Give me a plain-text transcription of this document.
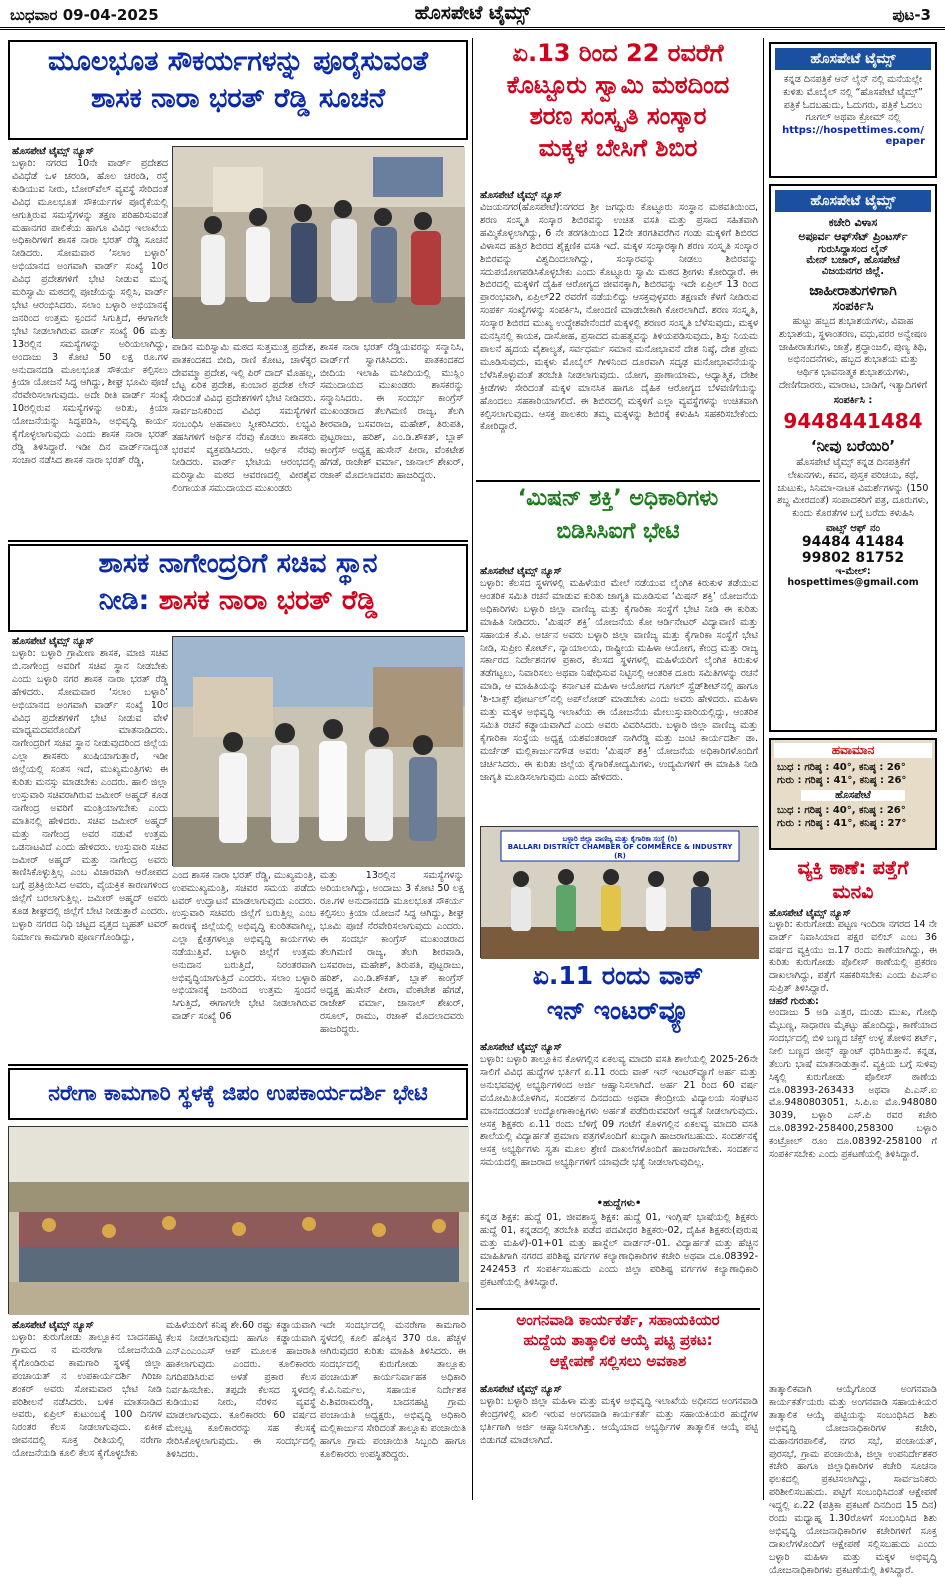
ಬುಧವಾರ 09-04-2025	ಹೊಸಪೇಟೆ ಟೈಮ್ಸ್	ಪುಟ-3
ಮೂಲಭೂತ ಸೌಕರ್ಯಗಳನ್ನು ಪೂರೈಸುವಂತೆ
ಶಾಸಕ ನಾರಾ ಭರತ್ ರೆಡ್ಡಿ ಸೂಚನೆ
ಹೊಸಪೇಟೆ ಟೈಮ್ಸ್ ನ್ಯೂಸ್
ಬಳ್ಳಾರಿ: ನಗರದ 10ನೇ ವಾರ್ಡ್ ಪ್ರದೇಶದ ವಿವಿಧೆಡೆ ಒಳ ಚರಂಡಿ, ಹೊಲ ಚರಂಡಿ, ರಸ್ತೆ ಕುಡಿಯುವ ನೀರು, ಬೋರ್‌ವೆಲ್ ವ್ಯವಸ್ಥೆ ಸೇರಿದಂತೆ ವಿವಿಧ ಮೂಲಭೂತ ಸೌಕರ್ಯಗಳ ಪೂರೈಕೆಯಲ್ಲಿ ಆಗುತ್ತಿರುವ ಸಮಸ್ಯೆಗಳನ್ನು ತಕ್ಷಣ ಪರಿಹರಿಸುವಂತೆ ಮಹಾನಗರ ಪಾಲಿಕೆಯ ಹಾಗೂ ವಿವಿಧ ಇಲಾಖೆಯ ಅಧಿಕಾರಿಗಳಿಗೆ ಶಾಸಕ ನಾರಾ ಭರತ್ ರೆಡ್ಡಿ ಸೂಚನೆ ನೀಡಿದರು. ಸೋಮವಾರ ‘ಸಲಾಂ ಬಳ್ಳಾರಿ’ ಅಭಿಯಾನದ ಅಂಗವಾಗಿ ವಾರ್ಡ್ ಸಂಖ್ಯೆ 10ರ ವಿವಿಧ ಪ್ರದೇಶಗಳಿಗೆ ಭೇಟಿ ನೀಡುವ ಮುನ್ನ ಮರಿಸ್ವಾಮಿ ಮಠದಲ್ಲಿ ಪೂಜೆಯನ್ನು ಸಲ್ಲಿಸಿ, ವಾರ್ಡ್ ಭೇಟಿ ಆರಂಭಿಸಿದರು. ಸಲಾಂ ಬಳ್ಳಾರಿ ಅಭಿಯಾನಕ್ಕೆ ಜನರಿಂದ ಉತ್ತಮ ಸ್ಪಂದನೆ ಸಿಗುತ್ತಿದೆ, ಈಗಾಗಲೇ ಭೇಟಿ ನೀಡಲಾಗಿರುವ ವಾರ್ಡ್ ಸಂಖ್ಯೆ 06 ಮತ್ತು 13ರಲ್ಲಿನ ಸಮಸ್ಯೆಗಳನ್ನು ಅರಿಯಲಾಗಿದ್ದು, ಅಂದಾಜು 3 ಕೋಟಿ 50 ಲಕ್ಷ ರೂ.ಗಳ ಅನುದಾನದಡಿ ಮೂಲಭೂತ ಸೌಕರ್ಯ ಕಲ್ಪಿಸಲು ಕ್ರಿಯಾ ಯೋಜನೆ ಸಿದ್ಧ ಆಗಿದ್ದು, ಶೀಘ್ರ ಭೂಮಿ ಪೂಜೆ ನೆರವೇರಿಸಲಾಗುವುದು. ಅದೇ ರೀತಿ ವಾರ್ಡ್ ಸಂಖ್ಯೆ 10ರಲ್ಲಿರುವ ಸಮಸ್ಯೆಗಳನ್ನು ಅರಿತು, ಕ್ರಿಯಾ ಯೋಜನೆಯನ್ನು ಸಿದ್ಧಪಡಿಸಿ, ಅಭಿವೃದ್ಧಿ ಕಾರ್ಯ ಕೈಗೊಳ್ಳಲಾಗುವುದು ಎಂದು ಶಾಸಕ ನಾರಾ ಭರತ್ ರೆಡ್ಡಿ ತಿಳಿಸಿದ್ದಾರೆ. ಇಡೀ ದಿನ ವಾರ್ಡ್‌ನಾದ್ಯಂತ ಸಂಚಾರ ನಡೆಸಿದ ಶಾಸಕ ನಾರಾ ಭರತ್ ರೆಡ್ಡಿ,
ಪಾಡಿನ ಮರಿಸ್ವಾಮಿ ಮಠದ ಸುತ್ತಮುತ್ತ ಪ್ರದೇಶ, ಪಾತಕಂದಕದ ಬೀದಿ, ರಾಣಿ ಕೋಟ, ಚಾಳೆಕ್ಕರ ದೇವಮ್ಮಾ ಪ್ರದೇಶ, ಇಲ್ಲಿ ಪಿರ್ ದಾದ್ ಮೊಹಲ್ಲ, ಬೆಟ್ಟ ಏರಿಕ ಪ್ರದೇಶ, ಕುಂಬಾರ ಪ್ರದೇಶ ಲೇನ್ ಸೇರಿದಂತೆ ವಿವಿಧ ಪ್ರದೇಶಗಳಿಗೆ ಭೇಟಿ ನೀಡಿದರು. ಸಾರ್ವಜನಿಕರಿಂದ ವಿವಿಧ ಸಮಸ್ಯೆಗಳಿಗೆ ಸಂಬಂಧಿಸಿ ಅಹವಾಲು ಸ್ವೀಕರಿಸಿದರು. ಲಭ್ಯವಿ ತಹಸಿಗಳಿಗೆ ಆರ್ಥಿಕ ನೆರವು ಕೊಡಲು ಶಾಸಕರು ಭರವಸೆ ವ್ಯಕ್ತಪಡಿಸಿದರು. ಆರ್ಥಿಕ ನೆರವು ನೀಡಿದರು. ವಾರ್ಡ್ ಭೇಟಿಯ ಆರಂಭದಲ್ಲಿ ಮರಿಸ್ವಾಮಿ ಮಠದ ಆವರಣದಲ್ಲಿ ವೀರಶೈವ ಲಿಂಗಾಯತ ಸಮುದಾಯದ ಮುಖಂಡರು
ಶಾಸಕ ನಾರಾ ಭರತ್ ರೆಡ್ಡಿಯವರನ್ನು ಸನ್ಮಾನಿಸಿ, ವಾರ್ಡ್‌ಗೆ ಸ್ವಾಗತಿಸಿದರು. ಪಾತಕಂದಕದ ಬೀದಿಯ ಇಲಾಹಿ ಮಸೀದಿಯಲ್ಲಿ ಮುಸ್ಲಿಂ ಸಮುದಾಯದ ಮುಖಂಡರು ಶಾಸಕರನ್ನು ಸನ್ಮಾನಿಸಿದರು. ಈ ಸಂದರ್ಭ ಕಾಂಗ್ರೆಸ್ ಮುಖಂಡರಾದ ತೆಲಗಿಮಣಿ ರಾಜ್ಯ, ತೆಲಗಿ ಶೀರವಾಡಿ, ಬಸವರಾಜ, ಮಹೇಶ್, ತಿರುಪತಿ, ಪುಟ್ಟರಾಜು, ಹರಿಶ್, ಎಂ.ಡಿ.ಶೌಕತ್, ಬ್ಲಾಕ್ ಕಾಂಗ್ರೆಸ್ ಅಧ್ಯಕ್ಷ ಹುಸೇನ್ ಪೀರಾ, ವೆಂಕಟೇಶ ಹೆಗಡೆ, ರಾಜೇಶ್ ವರ್ಮಾ, ಜಾನಾಲ್ ಶೇಖರ್, ರಜಾಕ್ ಮೊದಲಾದವರು ಹಾಜರಿದ್ದರು.
ಶಾಸಕ ನಾಗೇಂದ್ರರಿಗೆ ಸಚಿವ ಸ್ಥಾನ
ನೀಡಿ: ಶಾಸಕ ನಾರಾ ಭರತ್ ರೆಡ್ಡಿ
ಹೊಸಪೇಟೆ ಟೈಮ್ಸ್ ನ್ಯೂಸ್
ಬಳ್ಳಾರಿ: ಬಳ್ಳಾರಿ ಗ್ರಾಮೀಣ ಶಾಸಕ, ಮಾಜಿ ಸಚಿವ ಬಿ.ನಾಗೇಂದ್ರ ಅವರಿಗೆ ಸಚಿವ ಸ್ಥಾನ ನೀಡಬೇಕು ಎಂದು ಬಳ್ಳಾರಿ ನಗರ ಶಾಸಕ ನಾರಾ ಭರತ್ ರೆಡ್ಡಿ ಹೇಳಿದರು. ಸೋಮವಾರ ‘ಸಲಾಂ ಬಳ್ಳಾರಿ’ ಅಭಿಯಾನದ ಅಂಗವಾಗಿ ವಾರ್ಡ್ ಸಂಖ್ಯೆ 10ರ ವಿವಿಧ ಪ್ರದೇಶಗಳಿಗೆ ಭೇಟಿ ನೀಡುವ ವೇಳೆ ಮಾಧ್ಯಮದವರೊಂದಿಗೆ ಮಾತನಾಡಿದರು. ನಾಗೇಂದ್ರರಿಗೆ ಸಚಿವ ಸ್ಥಾನ ನೀಡುವುದರಿಂದ ಜಿಲ್ಲೆಯ ಎಲ್ಲಾ ಶಾಸಕರು ಖುಷಿಯಾಗುತ್ತಾರೆ, ಇಡೀ ಜಿಲ್ಲೆಯಲ್ಲಿ ಸಂತಸ ಇದೆ, ಮುಖ್ಯಮಂತ್ರಿಗಳು ಈ ಕುರಿತು ಮನಸ್ಸು ಮಾಡಬೇಕು ಎಂದರು. ಹಾಲಿ ಜಿಲ್ಲಾ ಉಸ್ತುವಾರಿ ಸಚಿವರಾಗಿರುವ ಜಮೀರ್ ಅಹ್ಮದ್ ಕೂಡ ನಾಗೇಂದ್ರ ಅವರಿಗೆ ಮಂತ್ರಿಯಾಗಬೇಕು ಎಂದು ಮಾತಿನಲ್ಲಿ ಹೇಳಿದರು. ಸಚಿವ ಜಮೀರ್ ಅಹ್ಮದ್ ಮತ್ತು ನಾಗೇಂದ್ರ ಅವರ ನಡುವೆ ಉತ್ತಮ ಒಡನಾಟವಿದೆ ಎಂದು ಹೇಳಿದರು. ಉಸ್ತುವಾರಿ ಸಚಿವ ಜಮೀರ್ ಅಹ್ಮದ್ ಮತ್ತು ನಾಗೇಂದ್ರ ಅವರು ಕಾಣಿಸಿಕೊಳ್ಳುತ್ತಿಲ್ಲ ಎಂಬ ವಿಚಾರವಾಗಿ ಆರೋಪದ ಬಗ್ಗೆ ಪ್ರತಿಕ್ರಿಯಿಸಿದ ಅವರು, ವೈಯಕ್ತಿಕ ಕಾರಣಗಳಿಂದ ಜಿಲ್ಲೆಗೆ ಬರಲಾಗುತ್ತಿಲ್ಲ. ಜಮೀರ್ ಅಹ್ಮದ್ ಅವರು ಕೂಡ ಶೀಘ್ರದಲ್ಲಿ ಜಿಲ್ಲೆಗೆ ಬೇಟಿ ನೀಡುತ್ತಾರೆ ಎಂದರು. ಬಳ್ಳಾರಿ ನಗರದ ನಿಧಿ ಚಟ್ಟದ ವೃತ್ತದ ಬೃಹತ್ ಟವರ್ ನಿರ್ಮಾಣ ಕಾಮಗಾರಿ ಪೂರ್ಣಗೊಂಡಿದ್ದು,
ಎಂದ ಶಾಸಕ ನಾರಾ ಭರತ್ ರೆಡ್ಡಿ, ಮುಖ್ಯಮಂತ್ರಿ, ಉಪಮುಖ್ಯಮಂತ್ರಿ, ಸಚಿವರ ಸಮಯ ಪಡೆದು ಟವರ್ ಉದ್ಘಾಟನೆ ಮಾಡಲಾಗುವುದು ಎಂದರು. ಉಸ್ತುವಾರಿ ಸಚಿವರು ಜಿಲ್ಲೆಗೆ ಬರುತ್ತಿಲ್ಲ ಎಂಬ ಕಾರಣಕ್ಕೆ ಜಿಲ್ಲೆಯಲ್ಲಿ ಅಭಿವೃದ್ಧಿ ಕುಂಠಿತವಾಗಿಲ್ಲ, ಎಲ್ಲಾ ಕ್ಷೇತ್ರಗಳಲ್ಲೂ ಅಭಿವೃದ್ಧಿ ಕಾರ್ಯಗಳು ನಡೆಯುತ್ತಿವೆ. ಬಳ್ಳಾರಿ ಜಿಲ್ಲೆಗೆ ಉತ್ತಮ ಅನುದಾನ ಬರುತ್ತಿದೆ, ನಿರಂತರವಾಗಿ ಅಭಿವೃದ್ಧಿಯಾಗುತ್ತಿದೆ ಎಂದರು. ಸಲಾಂ ಬಳ್ಳಾರಿ ಅಭಿಯಾನಕ್ಕೆ ಜನರಿಂದ ಉತ್ತಮ ಸ್ಪಂದನೆ ಸಿಗುತ್ತಿದೆ, ಈಗಾಗಲೇ ಭೇಟಿ ನೀಡಲಾಗಿರುವ ವಾರ್ಡ್ ಸಂಖ್ಯೆ 06
ಮತ್ತು 13ರಲ್ಲಿನ ಸಮಸ್ಯೆಗಳನ್ನು ಅರಿಯಲಾಗಿದ್ದು, ಅಂದಾಜು 3 ಕೋಟಿ 50 ಲಕ್ಷ ರೂ.ಗಳ ಅನುದಾನದಡಿ ಮೂಲಭೂತ ಸೌಕರ್ಯ ಕಲ್ಪಿಸಲು ಕ್ರಿಯಾ ಯೋಜನೆ ಸಿದ್ಧ ಆಗಿದ್ದು, ಶೀಘ್ರ ಭೂಮಿ ಪೂಜೆ ನೆರವೇರಿಸಲಾಗುವುದು ಎಂದರು. ಈ ಸಂದರ್ಭ ಕಾಂಗ್ರೆಸ್ ಮುಖಂಡರಾದ ತೆಲಗಿಮಣಿ ರಾಜ್ಯ, ತೆಲಗಿ ಶೀರವಾಡಿ, ಬಸವರಾಜ, ಮಹೇಶ್, ತಿರುಪತಿ, ಪುಟ್ಟರಾಜು, ಹರಿಶ್, ಎಂ.ಡಿ.ಶೌಕತ್, ಬ್ಲಾಕ್ ಕಾಂಗ್ರೆಸ್ ಅಧ್ಯಕ್ಷ ಹುಸೇನ್ ಪೀರಾ, ವೆಂಕಟೇಶ ಹೆಗಡೆ, ರಾಜೇಶ್ ವರ್ಮಾ, ಜಾನಾಲ್ ಶೇಖರ್, ರಸೂಲ್, ರಾಮು, ರಜಾಕ್ ಮೊದಲಾದವರು ಹಾಜರಿದ್ದರು.
ನರೇಗಾ ಕಾಮಗಾರಿ ಸ್ಥಳಕ್ಕೆ ಜಿಪಂ ಉಪಕಾರ್ಯದರ್ಶಿ ಭೇಟಿ
ಹೊಸಪೇಟೆ ಟೈಮ್ಸ್ ನ್ಯೂಸ್
ಬಳ್ಳಾರಿ: ಕುರುಗೋಡು ತಾಲ್ಲೂಕಿನ ಬಾದನಹಟ್ಟಿ ಗ್ರಾಮದ ನ ಮನರೇಗಾ ಯೋಜನೆಯಡಿ ಕೈಗೊಂಡಿರುವ ಕಾಮಗಾರಿ ಸ್ಥಳಕ್ಕೆ ಜಿಲ್ಲಾ ಪಂಚಾಯತ್ ನ ಉಪಕಾರ್ಯದರ್ಶಿ ಗಿರಿಜಾ ಶಂಕರ್ ಅವರು ಸೋಮವಾರ ಭೇಟಿ ನೀಡಿ ಪರಿಶೀಲನೆ ನಡೆಸಿದರು. ಬಳಿಕ ಮಾತನಾಡಿದ ಅವರು, ಏಪ್ರಿಲ್ ಕುಟುಂಬಕ್ಕೆ 100 ದಿನಗಳ ನಿರಂತರ ಕೆಲಸ ನೀಡಲಾಗುವುದು. ಏಕೀಕ ಜೀವನದಲ್ಲಿ ಸೂಕ್ತ ರೀತಿಯಲ್ಲಿ ನರೇಗಾ ಯೋಜನೆಯಡಿ ಕೂಲಿ ಕೆಲಸ ಕೈಗೊಳ್ಳಬೇಕು
ಮಹಿಳೆಯರಿಗೆ ಕನಿಷ್ಠ ಶೇ.60 ರಷ್ಟು ಕಡ್ಡಾಯವಾಗಿ ಕೆಲಸ ನೀಡಲಾಗುವುದು ಹಾಗೂ ಕಡ್ಡಾಯವಾಗಿ ಎನ್‌ಎಂಎಂಎಸ್ ಆಪ್ ಮೂಲಕ ಹಾಜರಾತಿ ಹಾಕಲಾಗುವುದು ಎಂದರು. ಕೂಲಿಕಾರರು ನಿಗದಿಪಡಿಸಿರುವ ಅಳತೆ ಪ್ರಕಾರ ಕೆಲಸ ನಿರ್ವಹಿಸಬೇಕು. ತಪ್ಪದೇ ಕೆಲಸದ ಸ್ಥಳದಲ್ಲಿ ಕುಡಿಯುವ ನೀರು, ನೆರಳಿನ ವ್ಯವಸ್ಥೆ ಮಾಡಲಾಗುವುದು. ಕೂಲಿಕಾರರು 60 ವರ್ಷದ ಮೇಲ್ಪಟ್ಟ ಕೂಲಿಕಾರರನ್ನು ಸಹ ಕೆಲಸಕ್ಕೆ ಸೇರಿಸಿಕೊಳ್ಳಲಾಗುವುದು. ಈ ಸಂದರ್ಭದಲ್ಲಿ ತಿಳಿಸಿದರು.
ಇದೇ ಸಂದರ್ಭದಲ್ಲಿ ಮನರೇಗಾ ಕಾಮಗಾರಿ ಸ್ಥಳದಲ್ಲಿ ಕೂಲಿ ಹೊಕ್ಕಿನ 370 ರೂ. ಹೆಚ್ಚಳ ಆಗಿರುವುದರ ಕುರಿತು ಮಾಹಿತಿ ತಿಳಿಸಿದರು. ಈ ಸಂದರ್ಭದಲ್ಲಿ ಕುರುಗೋಡು ತಾಲ್ಲೂಕು ಪಂಚಾಯತ್ ಕಾರ್ಯನಿರ್ವಾಹಕ ಅಧಿಕಾರಿ ಕೆ.ವಿ.ನಿರ್ಮಲ, ಸಹಾಯಕ ನಿರ್ದೇಶಕ ಪಿ.ಶಿವರಾಮರೆಡ್ಡಿ, ಬಾದನಹಟ್ಟಿ ಗ್ರಾಮ ಪಂಚಾಯತಿ ಅಧ್ಯಕ್ಷರು, ಅಭಿವೃದ್ಧಿ ಅಧಿಕಾರಿ ಮಲ್ಲಿಕಾರ್ಜುನ ಸೇರಿದಂತೆ ತಾಲ್ಲೂಕು ಪಂಚಾಯಿತಿ ಹಾಗೂ ಗ್ರಾಮ ಪಂಚಾಯಿತಿ ಸಿಬ್ಬಂದಿ ಹಾಗೂ ಕೂಲಿಕಾರರು ಉಪಸ್ಥಿತರಿದ್ದರು.
ಏ.13 ರಿಂದ 22 ರವರೆಗೆ
ಕೊಟ್ಟೂರು ಸ್ವಾಮಿ ಮಠದಿಂದ
ಶರಣ ಸಂಸ್ಕೃತಿ ಸಂಸ್ಕಾರ
ಮಕ್ಕಳ ಬೇಸಿಗೆ ಶಿಬಿರ
ಹೊಸಪೇಟೆ ಟೈಮ್ಸ್ ನ್ಯೂಸ್
ವಿಜಯನಗರ(ಹೊಸಪೇಟೆ):ನಗರದ ಶ್ರೀ ಜಗದ್ಗುರು ಕೊಟ್ಟೂರು ಸಂಸ್ಥಾನ ಮಠವತಿಯಿಂದ, ಶರಣ ಸಂಸ್ಕೃತಿ ಸಂಸ್ಕಾರ ಶಿಬಿರವನ್ನು ಉಚಿತ ವಸತಿ ಮತ್ತು ಪ್ರಸಾದ ಸಹಿತವಾಗಿ ಹಮ್ಮಿಕೊಳ್ಳಲಾಗಿದ್ದು, 6 ನೇ ತರಗತಿಯಿಂದ 12ನೇ ತರಗತಿವರೆಗಿನ ಗಂಡು ಮಕ್ಕಳಿಗೆ ಶಿಬಿರದ ವಿಳಾಸದ ಹತ್ತಿರ ಶಿಬಿರದ ಶೈಕ್ಷಣಿಕ ವಸತಿ ಇದೆ. ಮಕ್ಕಳ ಸಂಸ್ಕಾರಕ್ಕಾಗಿ ಶರಣ ಸಂಸ್ಕೃತಿ ಸಂಸ್ಕಾರ ಶಿಬಿರವನ್ನು ವಿಶ್ವದಿಂದಲಾಗಿದ್ದು, ಸಂಸ್ಕಾರವನ್ನು ನೀಡಲು ಶಿಬಿರವನ್ನು ಸದುಪಯೋಗಪಡಿಸಿಕೊಳ್ಳಬೇಕು ಎಂದು ಕೊಟ್ಟೂರು ಸ್ವಾಮಿ ಮಠದ ಶ್ರೀಗಳು ಕೋರಿದ್ದಾರೆ. ಈ ಶಿಬಿರದಲ್ಲಿ ಮಕ್ಕಳಿಗೆ ದೈಹಿಕ ಆರೋಗ್ಯದ ಜೀವನಕ್ಕಾಗಿ, ಶಿಬಿರವನ್ನು ಇದೇ ಏಪ್ರಿಲ್ 13 ರಿಂದ ಪ್ರಾರಂಭವಾಗಿ, ಏಪ್ರಿಲ್22 ರವರೆಗೆ ನಡೆಯಲಿದ್ದು ಆಸಕ್ತವುಳ್ಳವರು ತಕ್ಷಣವೇ ಕೆಳಗೆ ನೀಡಿರುವ ಸಂಪರ್ಕ ಸಂಖ್ಯೆಗಳನ್ನು ಸಂಪರ್ಕಿಸಿ, ನೋಂದಣಿ ಮಾಡಬೇಕಾಗಿ ಕೋರಲಾಗಿದೆ. ಶರಣ ಸಂಸ್ಕೃತಿ, ಸಂಸ್ಕಾರ ಶಿಬಿರದ ಮುಖ್ಯ ಉದ್ದೇಶವೇನೆಂದರೆ ಮಕ್ಕಳಲ್ಲಿ ಶರಣರ ಸಂಸ್ಕೃತಿ ಬೆಳೆಸುವುದು, ಮಕ್ಕಳ ಮನಸ್ಸಿನಲ್ಲಿ ಕಾಯಕ, ದಾಸೋಹ, ಪ್ರಸಾದದ ಮಹತ್ವವನ್ನು ತಿಳಿಯಪಡಿಸುವುದು, ಶಿಸ್ತು ನಿಯಮ ಪಾಲನೆ ಹೃದಯ ವೈಶಾಲ್ಯತೆ, ಸರ್ವಧರ್ಮ ಸಮಾನ ಮನೋಭಾವನೆ ದೇಶ ನಿಷ್ಠೆ, ದೇಶ ಪ್ರೇಮ ಮೂಡಿಸುವುದು, ಮಕ್ಕಳು ಮೊಬೈಲ್ ಗೀಳಿನಿಂದ ದೂರವಾಗಿ ಸದೃಢ ಮನೋಭಾವನೆಯನ್ನು ಬೆಳೆಸಿಕೊಳ್ಳುವಂತೆ ತರಬೇತಿ ನೀಡಲಾಗುವುದು. ಯೋಗ, ಪ್ರಾಣಾಯಾಮ, ಆಧ್ಯಾತ್ಮಿಕ, ದೇಶೀ ಕ್ರೀಡೆಗಳು ಸೇರಿದಂತೆ ಮಕ್ಕಳ ಮಾನಸಿಕ ಹಾಗೂ ದೈಹಿಕ ಆರೋಗ್ಯದ ಬೆಳವಣಿಗೆಯನ್ನು ಹೊಂದಲು ಸಹಕಾರಿಯಾಗಲಿದೆ. ಈ ಶಿಬಿರದಲ್ಲಿ ಮಕ್ಕಳಿಗೆ ಎಲ್ಲಾ ವ್ಯವಸ್ಥೆಗಳನ್ನು ಉಚಿತವಾಗಿ ಕಲ್ಪಿಸಲಾಗುವುದು. ಆಸಕ್ತ ಪಾಲಕರು ತಮ್ಮ ಮಕ್ಕಳನ್ನು ಶಿಬಿರಕ್ಕೆ ಕಳುಹಿಸಿ ಸಹಕರಿಸಬೇಕೆಂದು ಕೋರಿದ್ದಾರೆ.
‘ಮಿಷನ್ ಶಕ್ತಿ’ ಅಧಿಕಾರಿಗಳು
ಬಿಡಿಸಿಸಿಐಗೆ ಭೇಟಿ
ಹೊಸಪೇಟೆ ಟೈಮ್ಸ್ ನ್ಯೂಸ್
ಬಳ್ಳಾರಿ: ಕೆಲಸದ ಸ್ಥಳಗಳಲ್ಲಿ ಮಹಿಳೆಯರ ಮೇಲೆ ನಡೆಯುವ ಲೈಂಗಿಕ ಕಿರುಕುಳ ತಡೆಯುವ ಆಂತರಿಕ ಸಮಿತಿ ರಚನೆ ಮಾಡುವ ಕುರಿತು ಜಾಗೃತಿ ಮೂಡಿಸುವ ‘ಮಿಷನ್ ಶಕ್ತಿ’ ಯೋಜನೆಯ ಅಧಿಕಾರಿಗಳು ಬಳ್ಳಾರಿ ಜಿಲ್ಲಾ ವಾಣಿಜ್ಯ ಮತ್ತು ಕೈಗಾರಿಕಾ ಸಂಸ್ಥೆಗೆ ಭೇಟಿ ನೀಡಿ ಈ ಕುರಿತು ಮಾಹಿತಿ ನೀಡಿದರು. ‘ಮಿಷನ್ ಶಕ್ತಿ’ ಯೋಜನೆಯ ಕೋ ಆರ್ಡಿನೇಟರ್ ವಿದ್ಯಾವಾಣಿ ಮತ್ತು ಸಹಾಯಕ ಕೆ.ವಿ. ಅರ್ಚನ ಅವರು ಬಳ್ಳಾರಿ ಜಿಲ್ಲಾ ವಾಣಿಜ್ಯ ಮತ್ತು ಕೈಗಾರಿಕಾ ಸಂಸ್ಥೆಗೆ ಭೇಟಿ ನೀಡಿ, ಸುಪ್ರೀಂ ಕೋರ್ಟ್, ನ್ಯಾಯಾಲಯ, ರಾಷ್ಟ್ರೀಯ ಮಹಿಳಾ ಆಯೋಗ, ಕೇಂದ್ರ ಮತ್ತು ರಾಜ್ಯ ಸರ್ಕಾರದ ನಿರ್ದೇಶನಗಳ ಪ್ರಕಾರ, ಕೆಲಸದ ಸ್ಥಳಗಳಲ್ಲಿ ಮಹಿಳೆಯರಿಗೆ ಲೈಂಗಿಕ ಕಿರುಕುಳ ತಡೆಗಟ್ಟಲು, ನಿವಾರಿಸಲು ಅಥವಾ ನಿಷೇಧಿಸುವ ನಿಟ್ಟಿನಲ್ಲಿ ಆಂತರಿಕ ದೂರು ಸಮಿತಿಗಳನ್ನು ರಚನೆ ಮಾಡಿ, ಆ ಮಾಹಿತಿಯನ್ನು ಕರ್ನಾಟಕ ಮಹಿಳಾ ಆಯೋಗದ ಗೂಗಲ್ ಸ್ಪ್ರೆಡ್‌ಶೀಟ್‌ನಲ್ಲಿ ಹಾಗೂ ‘ಶಿ-ಬಾಕ್ಸ್ ಪೋರ್ಟಲ್’ನಲ್ಲಿ ಅಪ್‌ಲೋಡ್ ಮಾಡಬೇಕು ಎಂದು ಅವರು ಹೇಳಿದರು. ಮಹಿಳಾ ಮತ್ತು ಮಕ್ಕಳ ಅಭಿವೃದ್ಧಿ ಇಲಾಖೆಯ ಈ ಯೋಜನೆಯ ಮೇಲುಸ್ತುವಾರಿಯಲ್ಲಿದ್ದು, ಆಂತರಿಕ ಸಮಿತಿ ರಚನೆ ಕಡ್ಡಾಯವಾಗಿದೆ ಎಂದು ಅವರು ವಿವರಿಸಿದರು. ಬಳ್ಳಾರಿ ಜಿಲ್ಲಾ ವಾಣಿಜ್ಯ ಮತ್ತು ಕೈಗಾರಿಕಾ ಸಂಸ್ಥೆಯ ಅಧ್ಯಕ್ಷ ಯಶವಂತರಾಜ್ ನಾಗಿರೆಡ್ಡಿ ಮತ್ತು ಜಂಟಿ ಕಾರ್ಯದರ್ಶಿ ಡಾ. ಮರ್ಚೆಡ್ ಮಲ್ಲಿಕಾರ್ಜುನಗೌಡ ಅವರು ‘ಮಿಷನ್ ಶಕ್ತಿ’ ಯೋಜನೆಯ ಅಧಿಕಾರಿಗಳೊಂದಿಗೆ ಚರ್ಚಿಸಿದರು. ಈ ಕುರಿತು ಜಿಲ್ಲೆಯ ಕೈಗಾರಿಕೋದ್ಯಮಿಗಳು, ಉದ್ಯಮಿಗಳಿಗೆ ಈ ಮಾಹಿತಿ ನೀಡಿ ಜಾಗೃತಿ ಮೂಡಿಸಲಾಗುವುದು ಎಂದು ಹೇಳಿದರು.
ಬಳ್ಳಾರಿ ಜಿಲ್ಲಾ ವಾಣಿಜ್ಯ ಮತ್ತು ಕೈಗಾರಿಕಾ ಸಂಸ್ಥೆ (ರಿ)
BALLARI DISTRICT CHAMBER OF COMMERCE & INDUSTRY (R)
ಏ.11 ರಂದು ವಾಕ್
ಇನ್ ಇಂಟರ್‌ವ್ಯೂ
ಹೊಸಪೇಟೆ ಟೈಮ್ಸ್ ನ್ಯೂಸ್
ಬಳ್ಳಾರಿ: ಬಳ್ಳಾರಿ ತಾಲ್ಲೂಕಿನ ಕೊಳಗಲ್ಲಿನ ಏಕಲವ್ಯ ಮಾದರಿ ವಸತಿ ಶಾಲೆಯಲ್ಲಿ 2025-26ನೇ ಸಾಲಿಗೆ ವಿವಿಧ ಹುದ್ದೆಗಳ ಭರ್ತಿಗೆ ಏ.11 ರಂದು ವಾಕ್ ಇನ್ ಇಂಟರ್‌ವ್ಯೂಗೆ ಅರ್ಹ ಮತ್ತು ಅನುಭವವುಳ್ಳ ಅಭ್ಯರ್ಥಿಗಳಿಂದ ಅರ್ಜಿ ಆಹ್ವಾನಿಸಲಾಗಿದೆ. ಅರ್ಹ 21 ರಿಂದ 60 ವರ್ಷ ವಯೋಮಿತಿಯೊಳಗಿನ, ಸಂದರ್ಶನ ದಿನದಂದು ಅಥವಾ ಕೇಂದ್ರೀಯ ವಿದ್ಯಾಲಯ ಸಂಘಟನ ಮಾನದಂಡದಂತೆ ಉದ್ಯೋಗಾಕಾಂಕ್ಷಿಗಳು ಅರ್ಹತೆ ಪಡೆದಿರುವವರಿಗೆ ಆದ್ಯತೆ ನೀಡಲಾಗುವುದು. ಆಸಕ್ತ ಶಿಕ್ಷಕರು ಏ.11 ರಂದು ಬೆಳಿಗ್ಗೆ 09 ಗಂಟೆಗೆ ಕೊಳಗಲ್ಲಿನ ಏಕಲವ್ಯ ಮಾದರಿ ವಸತಿ ಶಾಲೆಯಲ್ಲಿ ವಿದ್ಯಾರ್ಹತೆ ಪ್ರಮಾಣ ಪತ್ರಗಳೊಂದಿಗೆ ಖುದ್ದಾಗಿ ಹಾಜರಾಗಬಹುದು. ಸಂದರ್ಶನಕ್ಕೆ ಆಸಕ್ತ ಅಭ್ಯರ್ಥಿಗಳು ಸ್ವತಃ ಮೂಲ ಶ್ರೇಣಿ ದಾಖಲೆಗಳೊಂದಿಗೆ ಹಾಜರಾಗಬೇಕು. ಸಂದರ್ಶನ ಸಮಯದಲ್ಲಿ ಹಾಜರಾದ ಅಭ್ಯರ್ಥಿಗಳಿಗೆ ಯಾವುದೇ ಭತ್ಯೆ ನೀಡಲಾಗುವುದಿಲ್ಲ.
•ಹುದ್ದೆಗಳು•
ಕನ್ನಡ ಶಿಕ್ಷಕ: ಹುದ್ದೆ 01, ಜೀವಶಾಸ್ತ್ರ ಶಿಕ್ಷಕ: ಹುದ್ದೆ 01, ಇಂಗ್ಲಿಷ್ ಭಾಷೆಯಲ್ಲಿ ಶಿಕ್ಷಕರು ಹುದ್ದೆ 01, ಕನ್ನಡದಲ್ಲಿ ತರಬೇತಿ ಪಡೆದ ಪದವೀಧರ ಶಿಕ್ಷಕರು-02, ದೈಹಿಕ ಶಿಕ್ಷಕರು(ಪುರುಷ ಮತ್ತು ಮಹಿಳೆ)-01+01 ಮತ್ತು ಹಾಸ್ಟೆಲ್ ವಾರ್ಡನ್-01. ವಿದ್ಯಾರ್ಹತೆ ಮತ್ತು ಹೆಚ್ಚಿನ ಮಾಹಿತಿಗಾಗಿ ನಗರದ ಪರಿಶಿಷ್ಟ ವರ್ಗಗಳ ಕಲ್ಯಾಣಾಧಿಕಾರಿಗಳ ಕಚೇರಿ ಅಥವಾ ದೂ.08392-242453 ಗೆ ಸಂಪರ್ಕಿಸಬಹುದು ಎಂದು ಜಿಲ್ಲಾ ಪರಿಶಿಷ್ಟ ವರ್ಗಗಳ ಕಲ್ಯಾಣಾಧಿಕಾರಿ ಪ್ರಕಟಣೆಯಲ್ಲಿ ತಿಳಿಸಿದ್ದಾರೆ.
ಅಂಗನವಾಡಿ ಕಾರ್ಯಕರ್ತೆ, ಸಹಾಯಕಿಯರ
ಹುದ್ದೆಯ ತಾತ್ಕಾಲಿಕ ಆಯ್ಕೆ ಪಟ್ಟಿ ಪ್ರಕಟ:
ಆಕ್ಷೇಪಣೆ ಸಲ್ಲಿಸಲು ಅವಕಾಶ
ಹೊಸಪೇಟೆ ಟೈಮ್ಸ್ ನ್ಯೂಸ್
ಬಳ್ಳಾರಿ: ಬಳ್ಳಾರಿ ಜಿಲ್ಲಾ ಮಹಿಳಾ ಮತ್ತು ಮಕ್ಕಳ ಅಭಿವೃದ್ಧಿ ಇಲಾಖೆಯ ಅಧೀನದ ಅಂಗನವಾಡಿ ಕೇಂದ್ರಗಳಲ್ಲಿ ಖಾಲಿ ಇರುವ ಅಂಗನವಾಡಿ ಕಾರ್ಯಕರ್ತೆ ಮತ್ತು ಸಹಾಯಕಿಯರ ಹುದ್ದೆಗಳ ಭರ್ತಿಗಾಗಿ ಅರ್ಜಿ ಆಹ್ವಾನಿಸಲಾಗಿತ್ತು. ಆಯ್ಕೆಯಾದ ಅಭ್ಯರ್ಥಿಗಳ ತಾತ್ಕಾಲಿಕ ಆಯ್ಕೆ ಪಟ್ಟಿ ಬಿಡುಗಡೆ ಮಾಡಲಾಗಿದೆ.
ಹೊಸಪೇಟೆ ಟೈಮ್ಸ್
ಕನ್ನಡ ದಿನಪತ್ರಿಕೆ ಆನ್ ಲೈನ್ ನಲ್ಲಿ ಮನೆಯಲ್ಲೇ ಕುಳಿತು ಮೊಬೈಲ್ ನಲ್ಲಿ “ಹೊಸಪೇಟೆ ಟೈಮ್ಸ್” ಪತ್ರಿಕೆ ಓದಬಹುದು, ಓದುಗರು, ಪತ್ರಿಕೆ ಓದಲು ಗೂಗಲ್ ಅಥವಾ ಕ್ರೋಮ್ ನಲ್ಲಿ
https://hospettimes.com/
epaper
ಹೊಸಪೇಟೆ ಟೈಮ್ಸ್
ಕಚೇರಿ ವಿಳಾಸ
ಅಪೂರ್ವ ಆಫ್‌ಸೆಟ್ ಪ್ರಿಂಟರ್ಸ್
ಗುರುಸಿದ್ದಾಸಂದ ಲೈನ್
ಮೇನ್ ಬಜಾರ್, ಹೊಸಪೇಟೆ
ವಿಜಯನಗರ ಜಿಲ್ಲೆ.
ಜಾಹೀರಾತುಗಳಿಗಾಗಿ
ಸಂಪರ್ಕಿಸಿ
ಹುಟ್ಟು ಹಬ್ಬದ ಶುಭಾಶಯಗಳು, ವಿವಾಹ ಶುಭಾಶಯ, ಸ್ಥಳಾಂತರಣ, ವಧು,ವರರ ಅನ್ವೇಷಣ ಜಾಹೀರಾತುಗಳು, ಜಾತ್ರೆ, ಶ್ರದ್ಧಾಂಜಲಿ, ಪುಣ್ಯ ತಿಥಿ, ಅಭಿನಂದನೆಗಳು, ಹಬ್ಬದ ಶುಭಾಶಯ ಮತ್ತು ಆರ್ಥಿಕ ಭಾವನಾತ್ಮಕ ಶುಭಾಶಯಗಳು, ದೇಣಿಗೆದಾರರು, ಮಾರಾಟ, ಬಾಡಿಗೆ, ಇತ್ಯಾದಿಗಳಿಗೆ
ಸಂಪರ್ಕಿಸಿ :
9448441484
‘ನೀವು ಬರೆಯಿರಿ’
ಹೊಸಪೇಟೆ ಟೈಮ್ಸ್ ಕನ್ನಡ ದಿನಪತ್ರಿಕೆಗೆ ಲೇಖನಗಳು, ಕವನ, ಪುಸ್ತಕ ಪರಿಚಯ, ಕಥೆ, ಚುಟುಕು, ಸಿನಿಮಾ-ನಾಟಕ ವಿಮರ್ಶೆಗಳನ್ನು (150 ಶಬ್ದ ಮೀರದಂತೆ) ಸಂಪಾದಕರಿಗೆ ಪತ್ರ, ದೂರುಗಳು, ಕುಂದು ಕೊರತೆಗಳ ಬಗ್ಗೆ ಬರೆದು ಕಳುಹಿಸಿ
ವಾಟ್ಸ್ ಆಫ್ ನಂ
94484 41484
99802 81752
ಇ-ಮೇಲ್: hospettimes@gmail.com
ಹವಾಮಾನ
ಬುಧ : ಗರಿಷ್ಠ : 40°, ಕನಿಷ್ಠ : 26°
ಗುರು : ಗರಿಷ್ಠ : 41°, ಕನಿಷ್ಠ : 26°
ಹೊಸಪೇಟೆ
ಬುಧ : ಗರಿಷ್ಠ : 40°, ಕನಿಷ್ಠ : 26°
ಗುರು : ಗರಿಷ್ಠ : 41°, ಕನಿಷ್ಠ : 27°
ವ್ಯಕ್ತಿ ಕಾಣೆ: ಪತ್ತೆಗೆ
ಮನವಿ
ಹೊಸಪೇಟೆ ಟೈಮ್ಸ್ ನ್ಯೂಸ್
ಬಳ್ಳಾರಿ: ಕುರುಗೋಡು ಪಟ್ಟಣ ಇಂದಿರಾ ನಗರದ 14 ನೇ ವಾರ್ಡ್ ನಿವಾಸಿಯಾದ ಪಕ್ಷರ ವಲಿಬ್ ಎಂಬ 36 ವರ್ಷದ ವ್ಯಕ್ತಿಯು ಜ.17 ರಂದು ಕಾಣೆಯಾಗಿದ್ದು, ಈ ಕುರಿತು ಕುರುಗೋಡು ಪೊಲೀಸ್ ಠಾಣೆಯಲ್ಲಿ ಪ್ರಕರಣ ದಾಖಲಾಗಿದ್ದು, ಪತ್ತೆಗೆ ಸಹಕರಿಸಬೇಕು ಎಂದು ಪಿಎಸ್ಐ ಸುಪ್ರಿತ್ ತಿಳಿಸಿದ್ದಾರೆ.
ಚಹರೆ ಗುರುತು:
ಅಂದಾಜು 5 ಅಡಿ ಎತ್ತರ, ದುಂಡು ಮುಖ, ಗೋಧಿ ಮೈಬಣ್ಣ, ಸಾಧಾರಣ ಮೈಕಟ್ಟು ಹೊಂದಿದ್ದು, ಕಾಣೆಯಾದ ಸಂದರ್ಭದಲ್ಲಿ ಬಿಳಿ ಬಣ್ಣದ ಚೆಕ್ಸ್ ಉಳ್ಳ ತೋಳಿನ ಶರ್ಟ್, ನೀಲಿ ಬಣ್ಣದ ಜೀನ್ಸ್ ಪ್ಯಾಂಟ್ ಧರಿಸಿರುತ್ತಾನೆ. ಕನ್ನಡ, ತೆಲುಗು ಭಾಷೆ ಮಾತನಾಡುತ್ತಾನೆ. ವ್ಯಕ್ತಿಯ ಬಗ್ಗೆ ಸುಳಿವು ಸಿಕ್ಕಲ್ಲಿ ಕುರುಗೋಡು ಪೊಲೀಸ್ ಠಾಣೆಯ ದೂ.08393-263433 ಅಥವಾ ಪಿ.ಎಸ್.ಐ ಮೊ.9480803051, ಸಿ.ಪಿ.ಐ ಮೊ.948080 3039, ಬಳ್ಳಾರಿ ಎಸ್.ಪಿ ರವರ ಕಚೇರಿ ದೂ.08392-258400,258300 ಬಳ್ಳಾರಿ ಕಂಟ್ರೋಲ್ ರೂಂ ದೂ.08392-258100 ಗೆ ಸಂಪರ್ಕಿಸಬೇಕು ಎಂದು ಪ್ರಕಟಣೆಯಲ್ಲಿ ತಿಳಿಸಿದ್ದಾರೆ.
ತಾತ್ಕಾಲಿಕವಾಗಿ ಆಯ್ಕೆಗೊಂಡ ಅಂಗನವಾಡಿ ಕಾರ್ಯಕರ್ತೆಯರು ಮತ್ತು ಅಂಗನವಾಡಿ ಸಹಾಯಕಿಯರ ತಾತ್ಕಾಲಿಕ ಆಯ್ಕೆ ಪಟ್ಟಿಯನ್ನು ಸಂಬಂಧಿಸಿದ ಶಿಶು ಅಭಿವೃದ್ಧಿ ಯೋಜನಾಧಿಕಾರಿಗಳ ಕಚೇರಿ, ಮಹಾನಗರಪಾಲಿಕೆ, ನಗರ ಸಭೆ, ಪಂಚಾಯತ್, ಪುರಸಭೆ, ಗ್ರಾಮ ಪಂಚಾಯಿತಿ, ಜಿಲ್ಲಾ ಉಪನಿರ್ದೇಶಕರ ಕಚೇರಿ ಹಾಗೂ ಜಿಲ್ಲಾಧಿಕಾರಿಗಳ ಕಚೇರಿ ಸೂಚನಾ ಫಲಕದಲ್ಲಿ ಪ್ರಕಟಿಸಲಾಗಿದ್ದು, ಸಾರ್ವಜನಿಕರು ಪರಿಶೀಲಿಸಬಹುದು. ಪಟ್ಟಿಗೆ ಸಂಬಂಧಿಸಿದಂತೆ ಆಕ್ಷೇಪಣೆ ಇದ್ದಲ್ಲಿ ಏ.22 (ಪತ್ರಿಕಾ ಪ್ರಕಟಣೆ ದಿನದಿಂದ 15 ದಿನ) ರಂದು ಮಧ್ಯಾಹ್ನ 1.30ರೊಳಗೆ ಸಂಬಂಧಿಸಿದ ಶಿಶು ಅಭಿವೃದ್ಧಿ ಯೋಜನಾಧಿಕಾರಿಗಳ ಕಚೇರಿಗಳಿಗೆ ಸೂಕ್ತ ದಾಖಲೆಗಳೊಂದಿಗೆ ಆಕ್ಷೇಪಣೆ ಸಲ್ಲಿಸಬಹುದು ಎಂದು ಬಳ್ಳಾರಿ ಮಹಿಳಾ ಮತ್ತು ಮಕ್ಕಳ ಅಭಿವೃದ್ಧಿ ಯೋಜನಾಧಿಕಾರಿಗಳು ಪ್ರಕಟಣೆಯಲ್ಲಿ ತಿಳಿಸಿದ್ದಾರೆ.
